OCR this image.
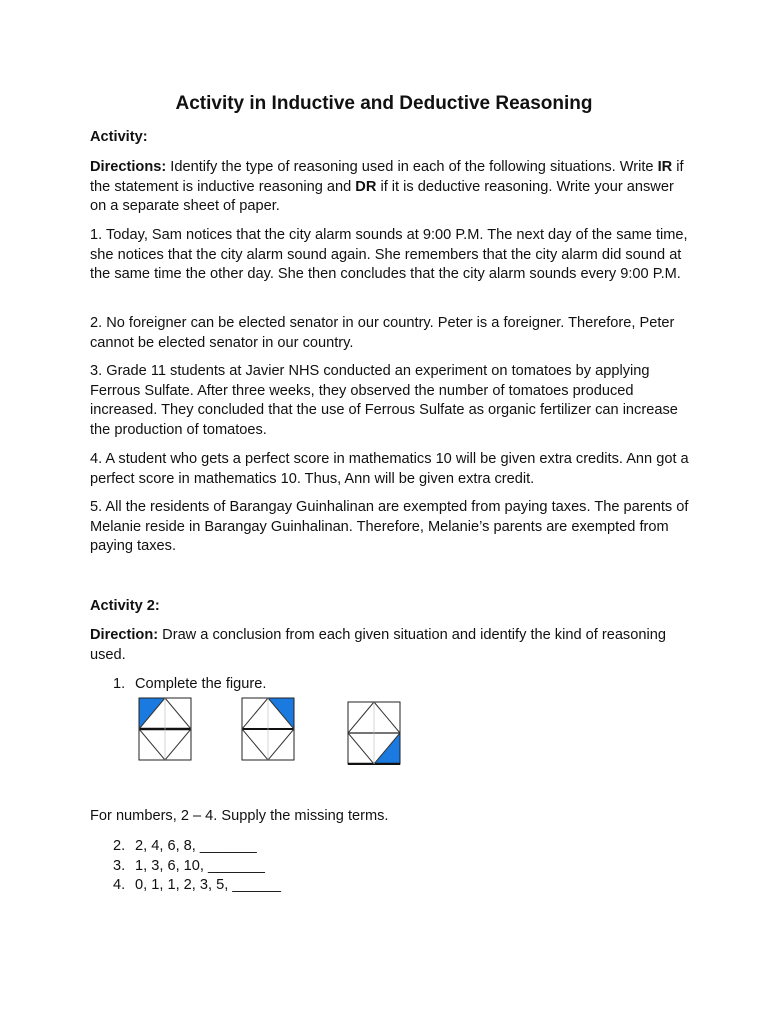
Activity in Inductive and Deductive Reasoning
Activity:
Directions: Identify the type of reasoning used in each of the following situations. Write IR if the statement is inductive reasoning and DR if it is deductive reasoning. Write your answer on a separate sheet of paper.
1. Today, Sam notices that the city alarm sounds at 9:00 P.M. The next day of the same time, she notices that the city alarm sound again. She remembers that the city alarm did sound at the same time the other day. She then concludes that the city alarm sounds every 9:00 P.M.
2. No foreigner can be elected senator in our country. Peter is a foreigner. Therefore, Peter cannot be elected senator in our country.
3. Grade 11 students at Javier NHS conducted an experiment on tomatoes by applying Ferrous Sulfate. After three weeks, they observed the number of tomatoes produced increased. They concluded that the use of Ferrous Sulfate as organic fertilizer can increase the production of tomatoes.
4. A student who gets a perfect score in mathematics 10 will be given extra credits. Ann got a perfect score in mathematics 10. Thus, Ann will be given extra credit.
5. All the residents of Barangay Guinhalinan are exempted from paying taxes. The parents of Melanie reside in Barangay Guinhalinan. Therefore, Melanie’s parents are exempted from paying taxes.
Activity 2:
Direction: Draw a conclusion from each given situation and identify the kind of reasoning used.
1. Complete the figure.
For numbers, 2 – 4. Supply the missing terms.
2. 2, 4, 6, 8, _______
3. 1, 3, 6, 10, _______
4. 0, 1, 1, 2, 3, 5, ______
